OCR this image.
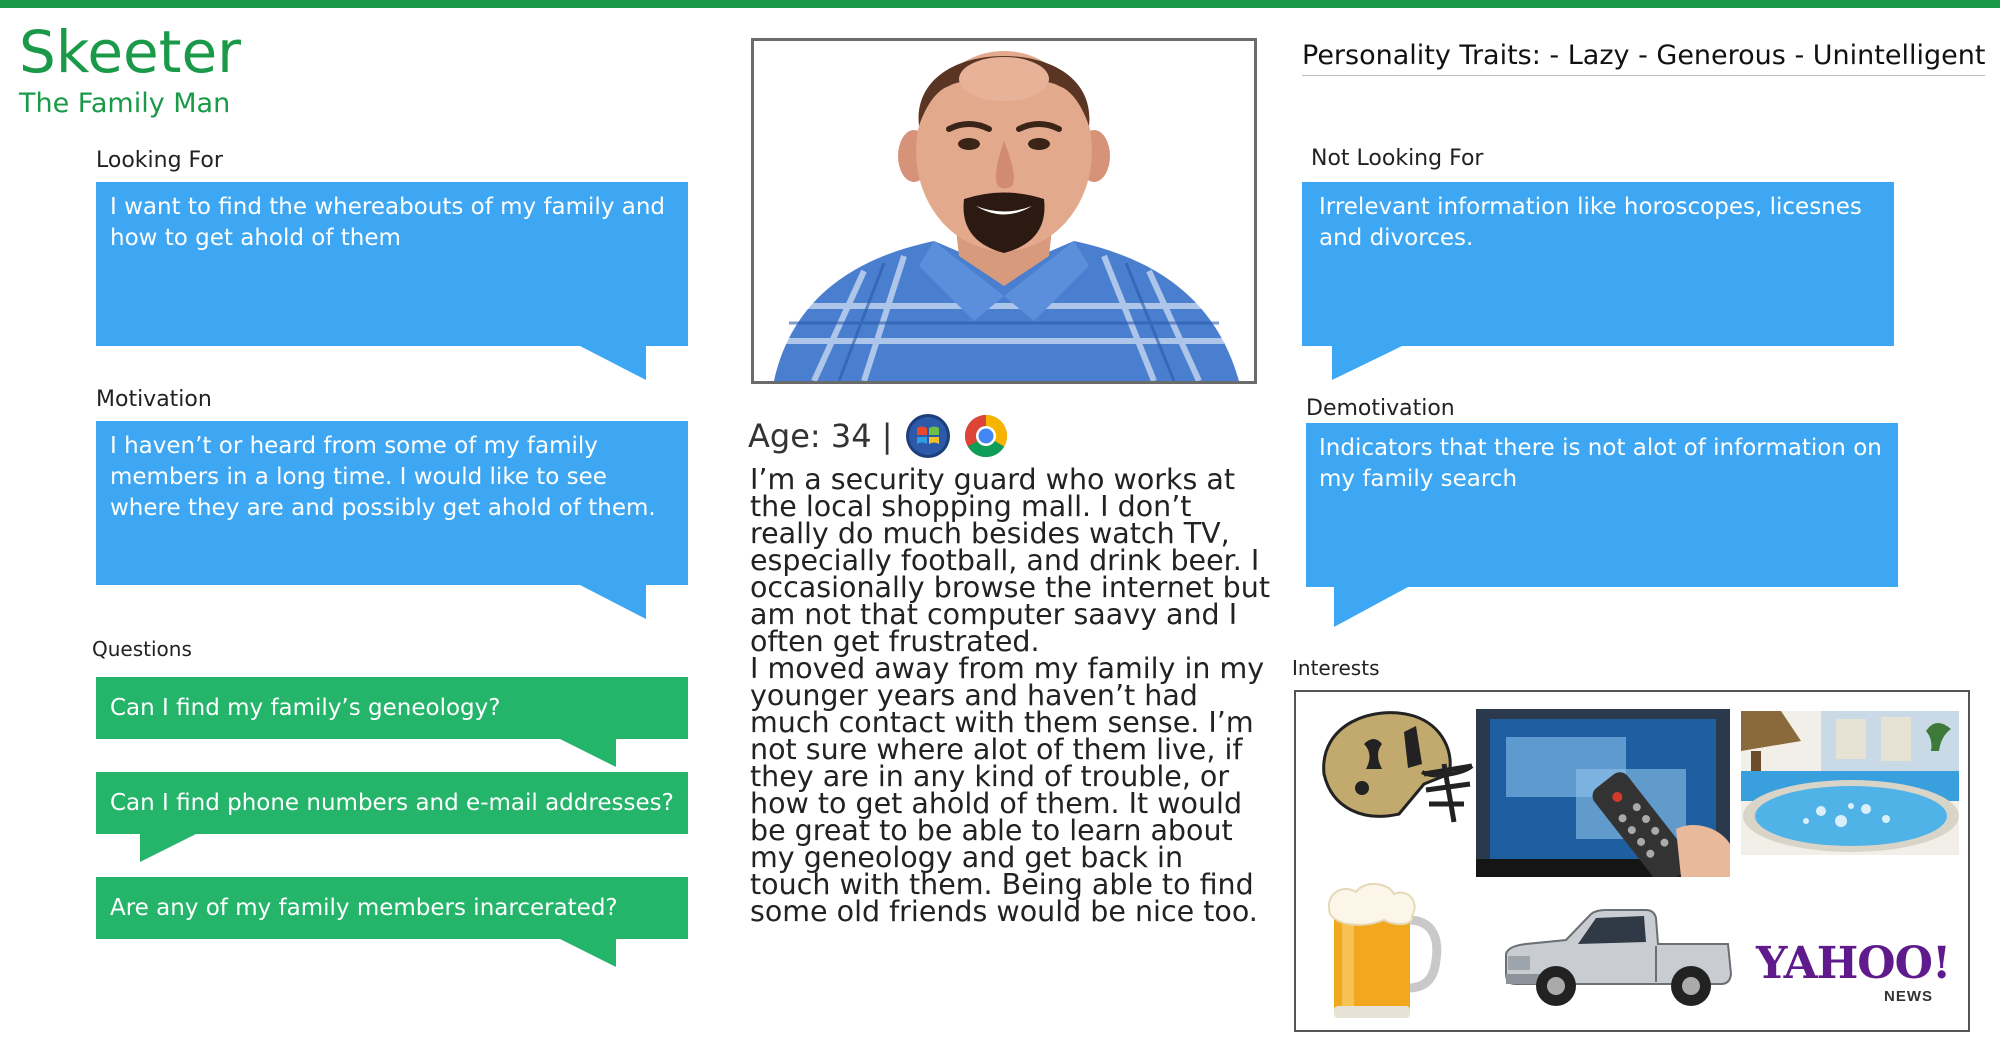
Skeeter
The Family Man
Looking For
I want to find the whereabouts of my family and how to get ahold of them
Motivation
I haven’t or heard from some of my family members in a long time. I would like to see where they are and possibly get ahold of them.
Questions
Can I find my family’s geneology?
Can I find phone numbers and e-mail addresses?
Are any of my family members inarcerated?
Age: 34 |
I’m a security guard who works at the local shopping mall. I don’t really do much besides watch TV, especially football, and drink beer. I occasionally browse the internet but am not that computer saavy and I often get frustrated.
I moved away from my family in my younger years and haven’t had much contact with them sense. I’m not sure where alot of them live, if they are in any kind of trouble, or how to get ahold of them. It would be great to be able to learn about my geneology and get back in touch with them. Being able to find some old friends would be nice too.
Personality Traits: - Lazy - Generous - Unintelligent
Not Looking For
Irrelevant information like horoscopes, licesnes and divorces.
Demotivation
Indicators that there is not alot of information on my family search
Interests
YAHOO!
NEWS
